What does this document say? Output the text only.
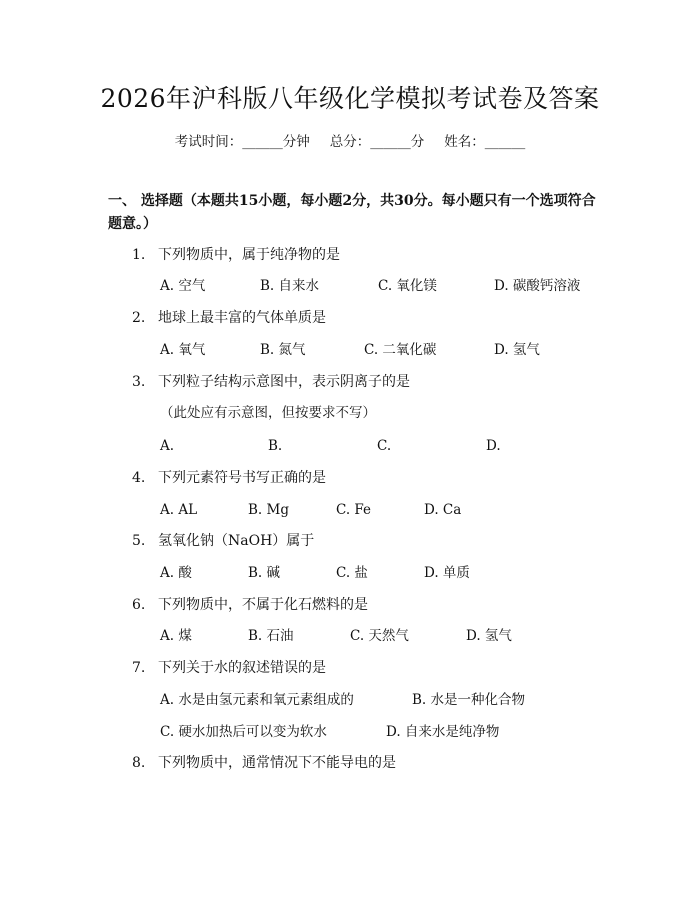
2026年沪科版八年级化学模拟考试卷及答案
考试时间：______分钟 总分：______分 姓名：______
一、 选择题（本题共15小题，每小题2分，共30分。每小题只有一个选项符合题意。）
1. 下列物质中，属于纯净物的是
A. 空气	B. 自来水	C. 氧化镁	D. 碳酸钙溶液
2. 地球上最丰富的气体单质是
A. 氧气	B. 氮气	C. 二氧化碳	D. 氢气
3. 下列粒子结构示意图中，表示阴离子的是
（此处应有示意图，但按要求不写）
A.	B.	C.	D.
4. 下列元素符号书写正确的是
A. AL	B. Mg	C. Fe	D. Ca
5. 氢氧化钠（NaOH）属于
A. 酸	B. 碱	C. 盐	D. 单质
6. 下列物质中，不属于化石燃料的是
A. 煤	B. 石油	C. 天然气	D. 氢气
7. 下列关于水的叙述错误的是
A. 水是由氢元素和氧元素组成的	B. 水是一种化合物
C. 硬水加热后可以变为软水	D. 自来水是纯净物
8. 下列物质中，通常情况下不能导电的是
